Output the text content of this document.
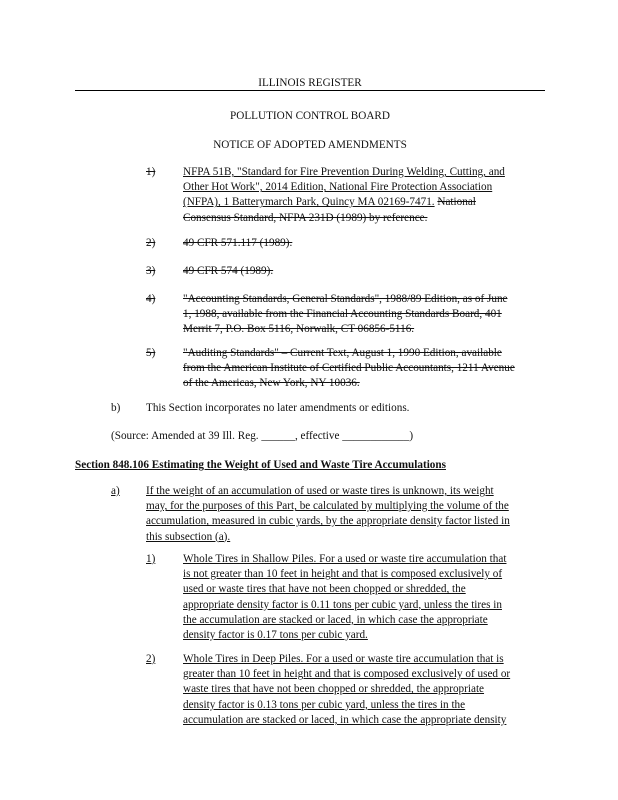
ILLINOIS REGISTER
POLLUTION CONTROL BOARD
NOTICE OF ADOPTED AMENDMENTS
1) NFPA 51B, "Standard for Fire Prevention During Welding, Cutting, and
Other Hot Work", 2014 Edition, National Fire Protection Association
(NFPA), 1 Batterymarch Park, Quincy MA 02169-7471. National
Consensus Standard, NFPA 231D (1989) by reference.
2) 49 CFR 571.117 (1989).
3) 49 CFR 574 (1989).
4) "Accounting Standards, General Standards", 1988/89 Edition, as of June
1, 1988, available from the Financial Accounting Standards Board, 401
Merrit 7, P.O. Box 5116, Norwalk, CT 06856-5116.
5) "Auditing Standards" – Current Text, August 1, 1990 Edition, available
from the American Institute of Certified Public Accountants, 1211 Avenue
of the Americas, New York, NY 10036.
b) This Section incorporates no later amendments or editions.
(Source: Amended at 39 Ill. Reg. ______, effective ____________)
Section 848.106 Estimating the Weight of Used and Waste Tire Accumulations
a) If the weight of an accumulation of used or waste tires is unknown, its weight
may, for the purposes of this Part, be calculated by multiplying the volume of the
accumulation, measured in cubic yards, by the appropriate density factor listed in
this subsection (a).
1) Whole Tires in Shallow Piles. For a used or waste tire accumulation that
is not greater than 10 feet in height and that is composed exclusively of
used or waste tires that have not been chopped or shredded, the
appropriate density factor is 0.11 tons per cubic yard, unless the tires in
the accumulation are stacked or laced, in which case the appropriate
density factor is 0.17 tons per cubic yard.
2) Whole Tires in Deep Piles. For a used or waste tire accumulation that is
greater than 10 feet in height and that is composed exclusively of used or
waste tires that have not been chopped or shredded, the appropriate
density factor is 0.13 tons per cubic yard, unless the tires in the
accumulation are stacked or laced, in which case the appropriate density
